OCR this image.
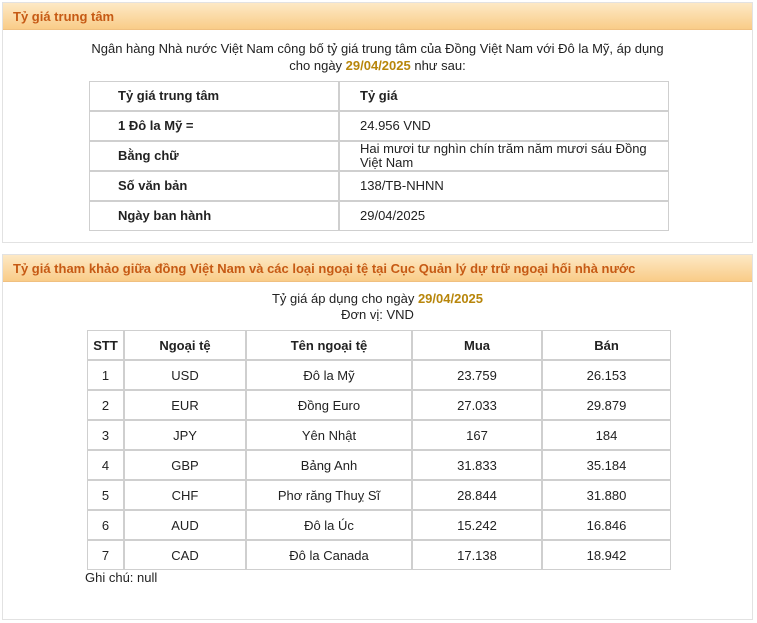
Tỷ giá trung tâm
Ngân hàng Nhà nước Việt Nam công bố tỷ giá trung tâm của Đồng Việt Nam với Đô la Mỹ, áp dụng
cho ngày 29/04/2025 như sau:
Tỷ giá trung tâm	Tỷ giá
1 Đô la Mỹ =	24.956 VND
Bằng chữ	Hai mươi tư nghìn chín trăm năm mươi sáu Đồng Việt Nam
Số văn bản	138/TB-NHNN
Ngày ban hành	29/04/2025
Tỷ giá tham khảo giữa đồng Việt Nam và các loại ngoại tệ tại Cục Quản lý dự trữ ngoại hối nhà nước
Tỷ giá áp dụng cho ngày 29/04/2025
Đơn vị: VND
STT	Ngoại tệ	Tên ngoại tệ	Mua	Bán
1	USD	Đô la Mỹ	23.759	26.153
2	EUR	Đồng Euro	27.033	29.879
3	JPY	Yên Nhật	167	184
4	GBP	Bảng Anh	31.833	35.184
5	CHF	Phơ răng Thuỵ Sĩ	28.844	31.880
6	AUD	Đô la Úc	15.242	16.846
7	CAD	Đô la Canada	17.138	18.942
Ghi chú: null
